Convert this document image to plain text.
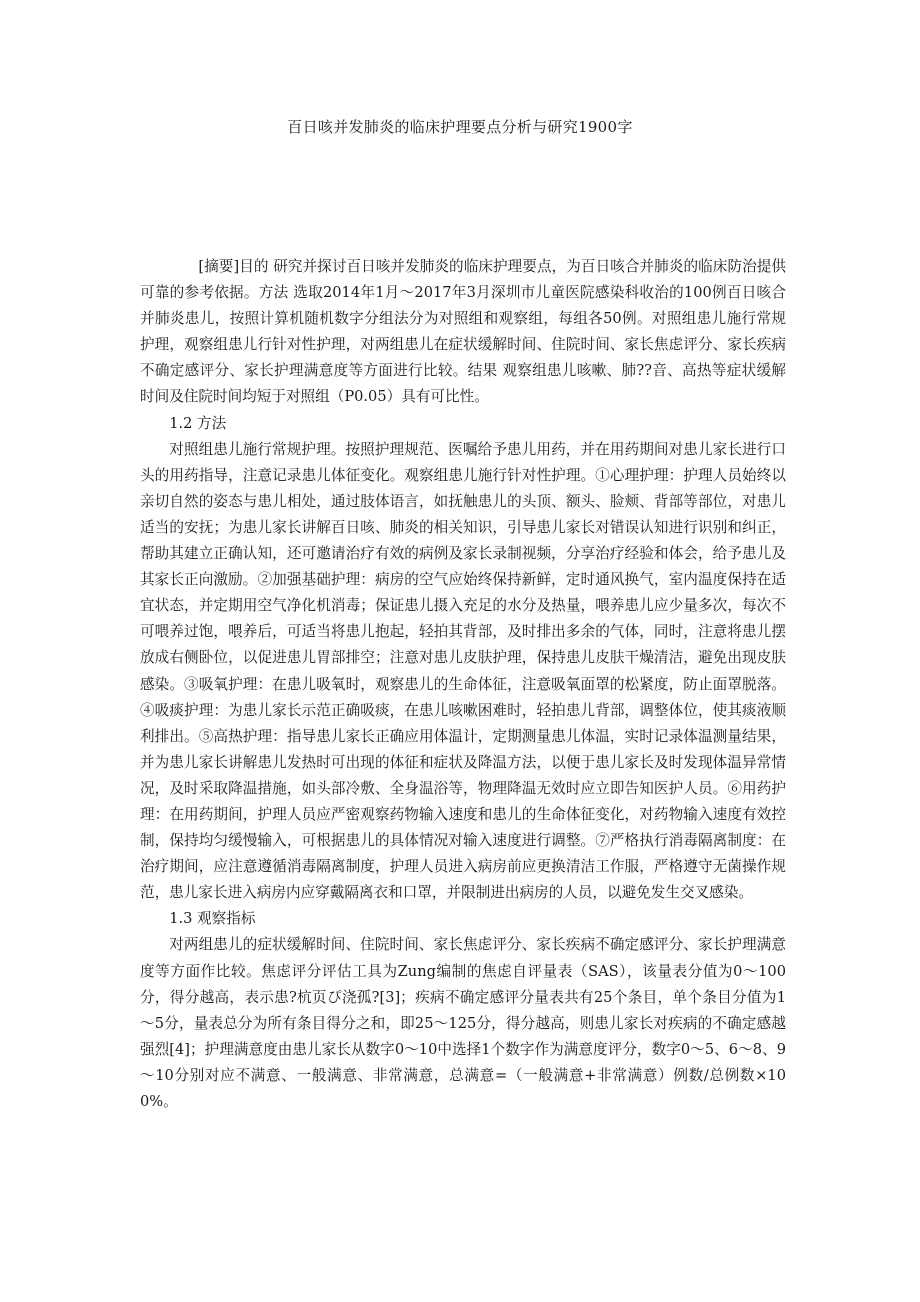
百日咳并发肺炎的临床护理要点分析与研究1900字

[摘要]目的 研究并探讨百日咳并发肺炎的临床护理要点，为百日咳合并肺炎的临床防治提供可靠的参考依据。方法 选取2014年1月～2017年3月深圳市儿童医院感染科收治的100例百日咳合并肺炎患儿，按照计算机随机数字分组法分为对照组和观察组，每组各50例。对照组患儿施行常规护理，观察组患儿行针对性护理，对两组患儿在症状缓解时间、住院时间、家长焦虑评分、家长疾病不确定感评分、家长护理满意度等方面进行比较。结果 观察组患儿咳嗽、肺??音、高热等症状缓解时间及住院时间均短于对照组（P0.05）具有可比性。

1.2 方法

对照组患儿施行常规护理。按照护理规范、医嘱给予患儿用药，并在用药期间对患儿家长进行口头的用药指导，注意记录患儿体征变化。观察组患儿施行针对性护理。①心理护理：护理人员始终以亲切自然的姿态与患儿相处，通过肢体语言，如抚触患儿的头顶、额头、脸颊、背部等部位，对患儿适当的安抚；为患儿家长讲解百日咳、肺炎的相关知识，引导患儿家长对错误认知进行识别和纠正，帮助其建立正确认知，还可邀请治疗有效的病例及家长录制视频，分享治疗经验和体会，给予患儿及其家长正向激励。②加强基础护理：病房的空气应始终保持新鲜，定时通风换气，室内温度保持在适宜状态，并定期用空气净化机消毒；保证患儿摄入充足的水分及热量，喂养患儿应少量多次，每次不可喂养过饱，喂养后，可适当将患儿抱起，轻拍其背部，及时排出多余的气体，同时，注意将患儿摆放成右侧卧位，以促进患儿胃部排空；注意对患儿皮肤护理，保持患儿皮肤干燥清洁，避免出现皮肤感染。③吸氧护理：在患儿吸氧时，观察患儿的生命体征，注意吸氧面罩的松紧度，防止面罩脱落。④吸痰护理：为患儿家长示范正确吸痰，在患儿咳嗽困难时，轻拍患儿背部，调整体位，使其痰液顺利排出。⑤高热护理：指导患儿家长正确应用体温计，定期测量患儿体温，实时记录体温测量结果，并为患儿家长讲解患儿发热时可出现的体征和症状及降温方法，以便于患儿家长及时发现体温异常情况，及时采取降温措施，如头部冷敷、全身温浴等，物理降温无效时应立即告知医护人员。⑥用药护理：在用药期间，护理人员应严密观察药物输入速度和患儿的生命体征变化，对药物输入速度有效控制，保持均匀缓慢输入，可根据患儿的具体情况对输入速度进行调整。⑦严格执行消毒隔离制度：在治疗期间，应注意遵循消毒隔离制度，护理人员进入病房前应更换清洁工作服，严格遵守无菌操作规范，患儿家长进入病房内应穿戴隔离衣和口罩，并限制进出病房的人员，以避免发生交叉感染。

1.3 观察指标

对两组患儿的症状缓解时间、住院时间、家长焦虑评分、家长疾病不确定感评分、家长护理满意度等方面作比较。焦虑评分评估工具为Zung编制的焦虑自评量表（SAS），该量表分值为0～100分，得分越高，表示患?杭页ぴ浇孤?[3]；疾病不确定感评分量表共有25个条目，单个条目分值为1～5分，量表总分为所有条目得分之和，即25～125分，得分越高，则患儿家长对疾病的不确定感越强烈[4]；护理满意度由患儿家长从数字0～10中选择1个数字作为满意度评分，数字0～5、6～8、9～10分别对应不满意、一般满意、非常满意，总满意=（一般满意+非常满意）例数/总例数×100%。
